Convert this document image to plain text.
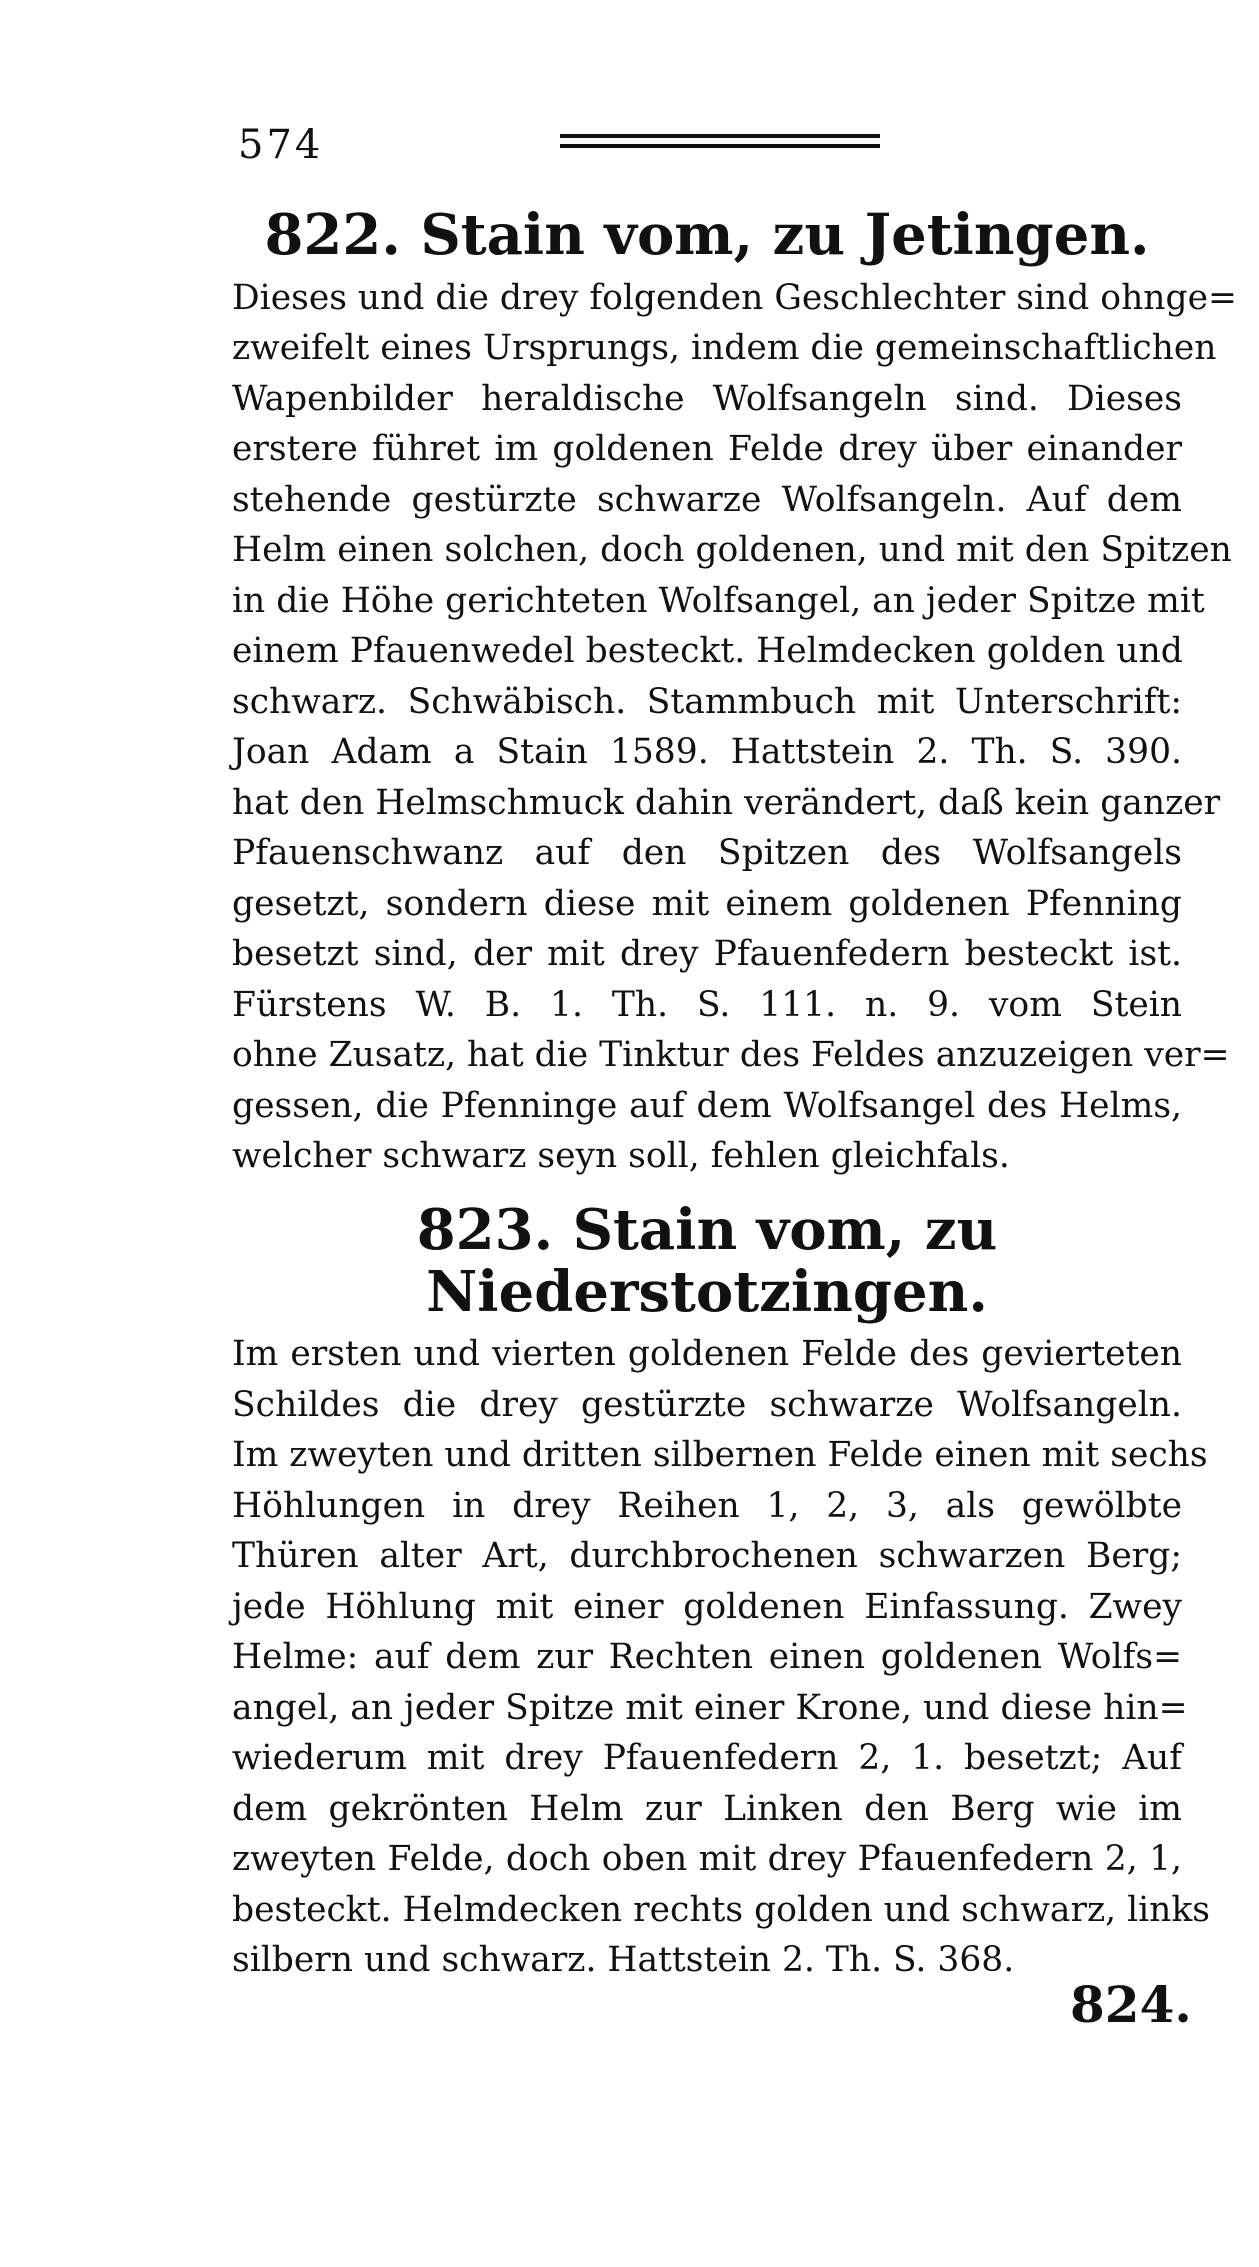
574
822. Stain vom, zu Jetingen.
Dieses und die drey folgenden Geschlechter sind ohnge=
zweifelt eines Ursprungs, indem die gemeinschaftlichen
Wapenbilder heraldische Wolfsangeln sind. Dieses
erstere führet im goldenen Felde drey über einander
stehende gestürzte schwarze Wolfsangeln. Auf dem
Helm einen solchen, doch goldenen, und mit den Spitzen
in die Höhe gerichteten Wolfsangel, an jeder Spitze mit
einem Pfauenwedel besteckt. Helmdecken golden und
schwarz. Schwäbisch. Stammbuch mit Unterschrift:
Joan Adam a Stain 1589. Hattstein 2. Th. S. 390.
hat den Helmschmuck dahin verändert, daß kein ganzer
Pfauenschwanz auf den Spitzen des Wolfsangels
gesetzt, sondern diese mit einem goldenen Pfenning
besetzt sind, der mit drey Pfauenfedern besteckt ist.
Fürstens W. B. 1. Th. S. 111. n. 9. vom Stein
ohne Zusatz, hat die Tinktur des Feldes anzuzeigen ver=
gessen, die Pfenninge auf dem Wolfsangel des Helms,
welcher schwarz seyn soll, fehlen gleichfals.
823. Stain vom, zu Niederstotzingen.
Im ersten und vierten goldenen Felde des gevierteten
Schildes die drey gestürzte schwarze Wolfsangeln.
Im zweyten und dritten silbernen Felde einen mit sechs
Höhlungen in drey Reihen 1, 2, 3, als gewölbte
Thüren alter Art, durchbrochenen schwarzen Berg;
jede Höhlung mit einer goldenen Einfassung. Zwey
Helme: auf dem zur Rechten einen goldenen Wolfs=
angel, an jeder Spitze mit einer Krone, und diese hin=
wiederum mit drey Pfauenfedern 2, 1. besetzt; Auf
dem gekrönten Helm zur Linken den Berg wie im
zweyten Felde, doch oben mit drey Pfauenfedern 2, 1,
besteckt. Helmdecken rechts golden und schwarz, links
silbern und schwarz. Hattstein 2. Th. S. 368.
824.
